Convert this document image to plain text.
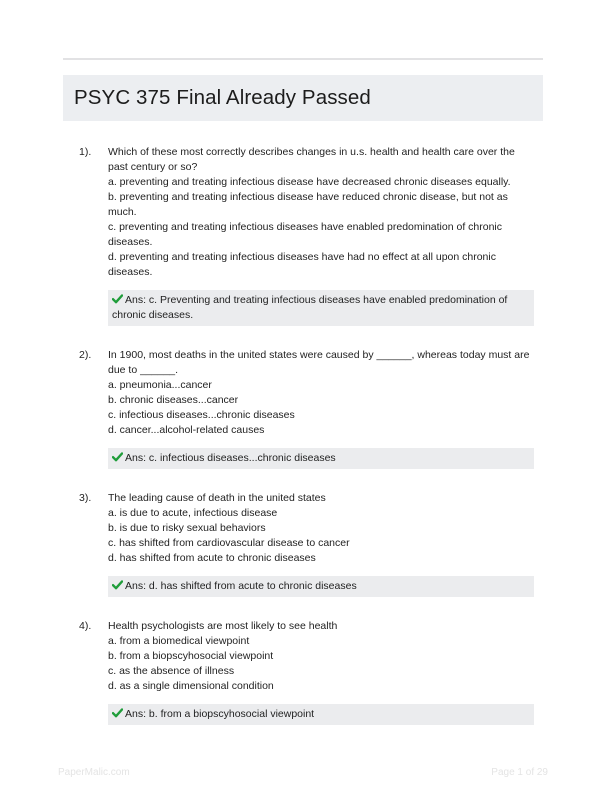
PSYC 375 Final Already Passed
1). Which of these most correctly describes changes in u.s. health and health care over the past century or so?

a. preventing and treating infectious disease have decreased chronic diseases equally.

b. preventing and treating infectious disease have reduced chronic disease, but not as much.

c. preventing and treating infectious diseases have enabled predomination of chronic diseases.

d. preventing and treating infectious diseases have had no effect at all upon chronic diseases.

Ans: c. Preventing and treating infectious diseases have enabled predomination of chronic diseases.
2). In 1900, most deaths in the united states were caused by ______, whereas today must are due to ______.

a. pneumonia...cancer

b. chronic diseases...cancer

c. infectious diseases...chronic diseases

d. cancer...alcohol-related causes

Ans: c. infectious diseases...chronic diseases
3). The leading cause of death in the united states

a. is due to acute, infectious disease

b. is due to risky sexual behaviors

c. has shifted from cardiovascular disease to cancer

d. has shifted from acute to chronic diseases

Ans: d. has shifted from acute to chronic diseases
4). Health psychologists are most likely to see health

a. from a biomedical viewpoint

b. from a biopscyhosocial viewpoint

c. as the absence of illness

d. as a single dimensional condition

Ans: b. from a biopscyhosocial viewpoint
PaperMalic.com	Page 1 of 29
